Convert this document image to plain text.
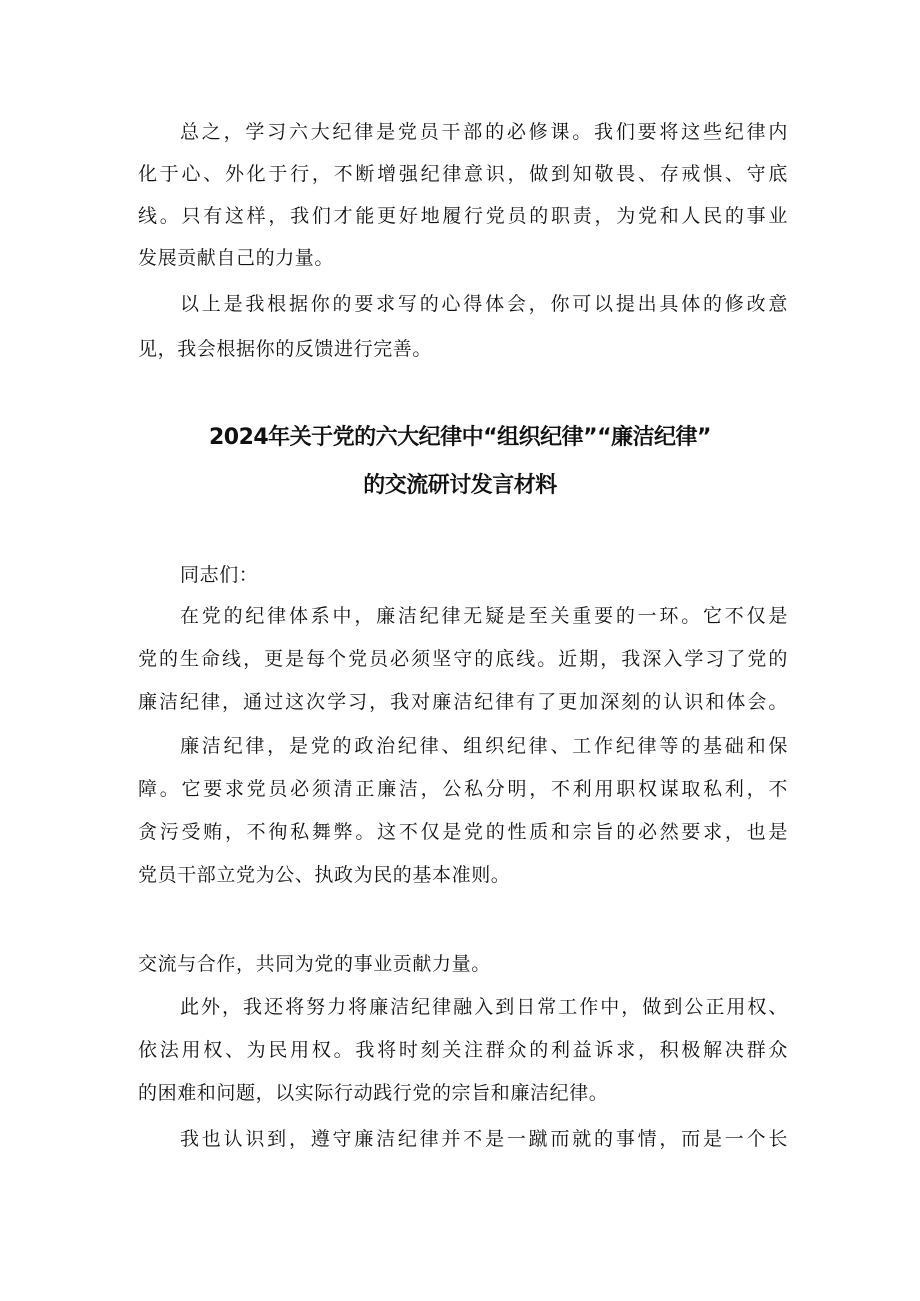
总之，学习六大纪律是党员干部的必修课。我们要将这些纪律内
化于心、外化于行，不断增强纪律意识，做到知敬畏、存戒惧、守底
线。只有这样，我们才能更好地履行党员的职责，为党和人民的事业
发展贡献自己的力量。
以上是我根据你的要求写的心得体会，你可以提出具体的修改意
见，我会根据你的反馈进行完善。
2024年关于党的六大纪律中“组织纪律”“廉洁纪律”
的交流研讨发言材料
同志们：
在党的纪律体系中，廉洁纪律无疑是至关重要的一环。它不仅是
党的生命线，更是每个党员必须坚守的底线。近期，我深入学习了党的
廉洁纪律，通过这次学习，我对廉洁纪律有了更加深刻的认识和体会。
廉洁纪律，是党的政治纪律、组织纪律、工作纪律等的基础和保
障。它要求党员必须清正廉洁，公私分明，不利用职权谋取私利，不
贪污受贿，不徇私舞弊。这不仅是党的性质和宗旨的必然要求，也是
党员干部立党为公、执政为民的基本准则。
交流与合作，共同为党的事业贡献力量。
此外，我还将努力将廉洁纪律融入到日常工作中，做到公正用权、
依法用权、为民用权。我将时刻关注群众的利益诉求，积极解决群众
的困难和问题，以实际行动践行党的宗旨和廉洁纪律。
我也认识到，遵守廉洁纪律并不是一蹴而就的事情，而是一个长
